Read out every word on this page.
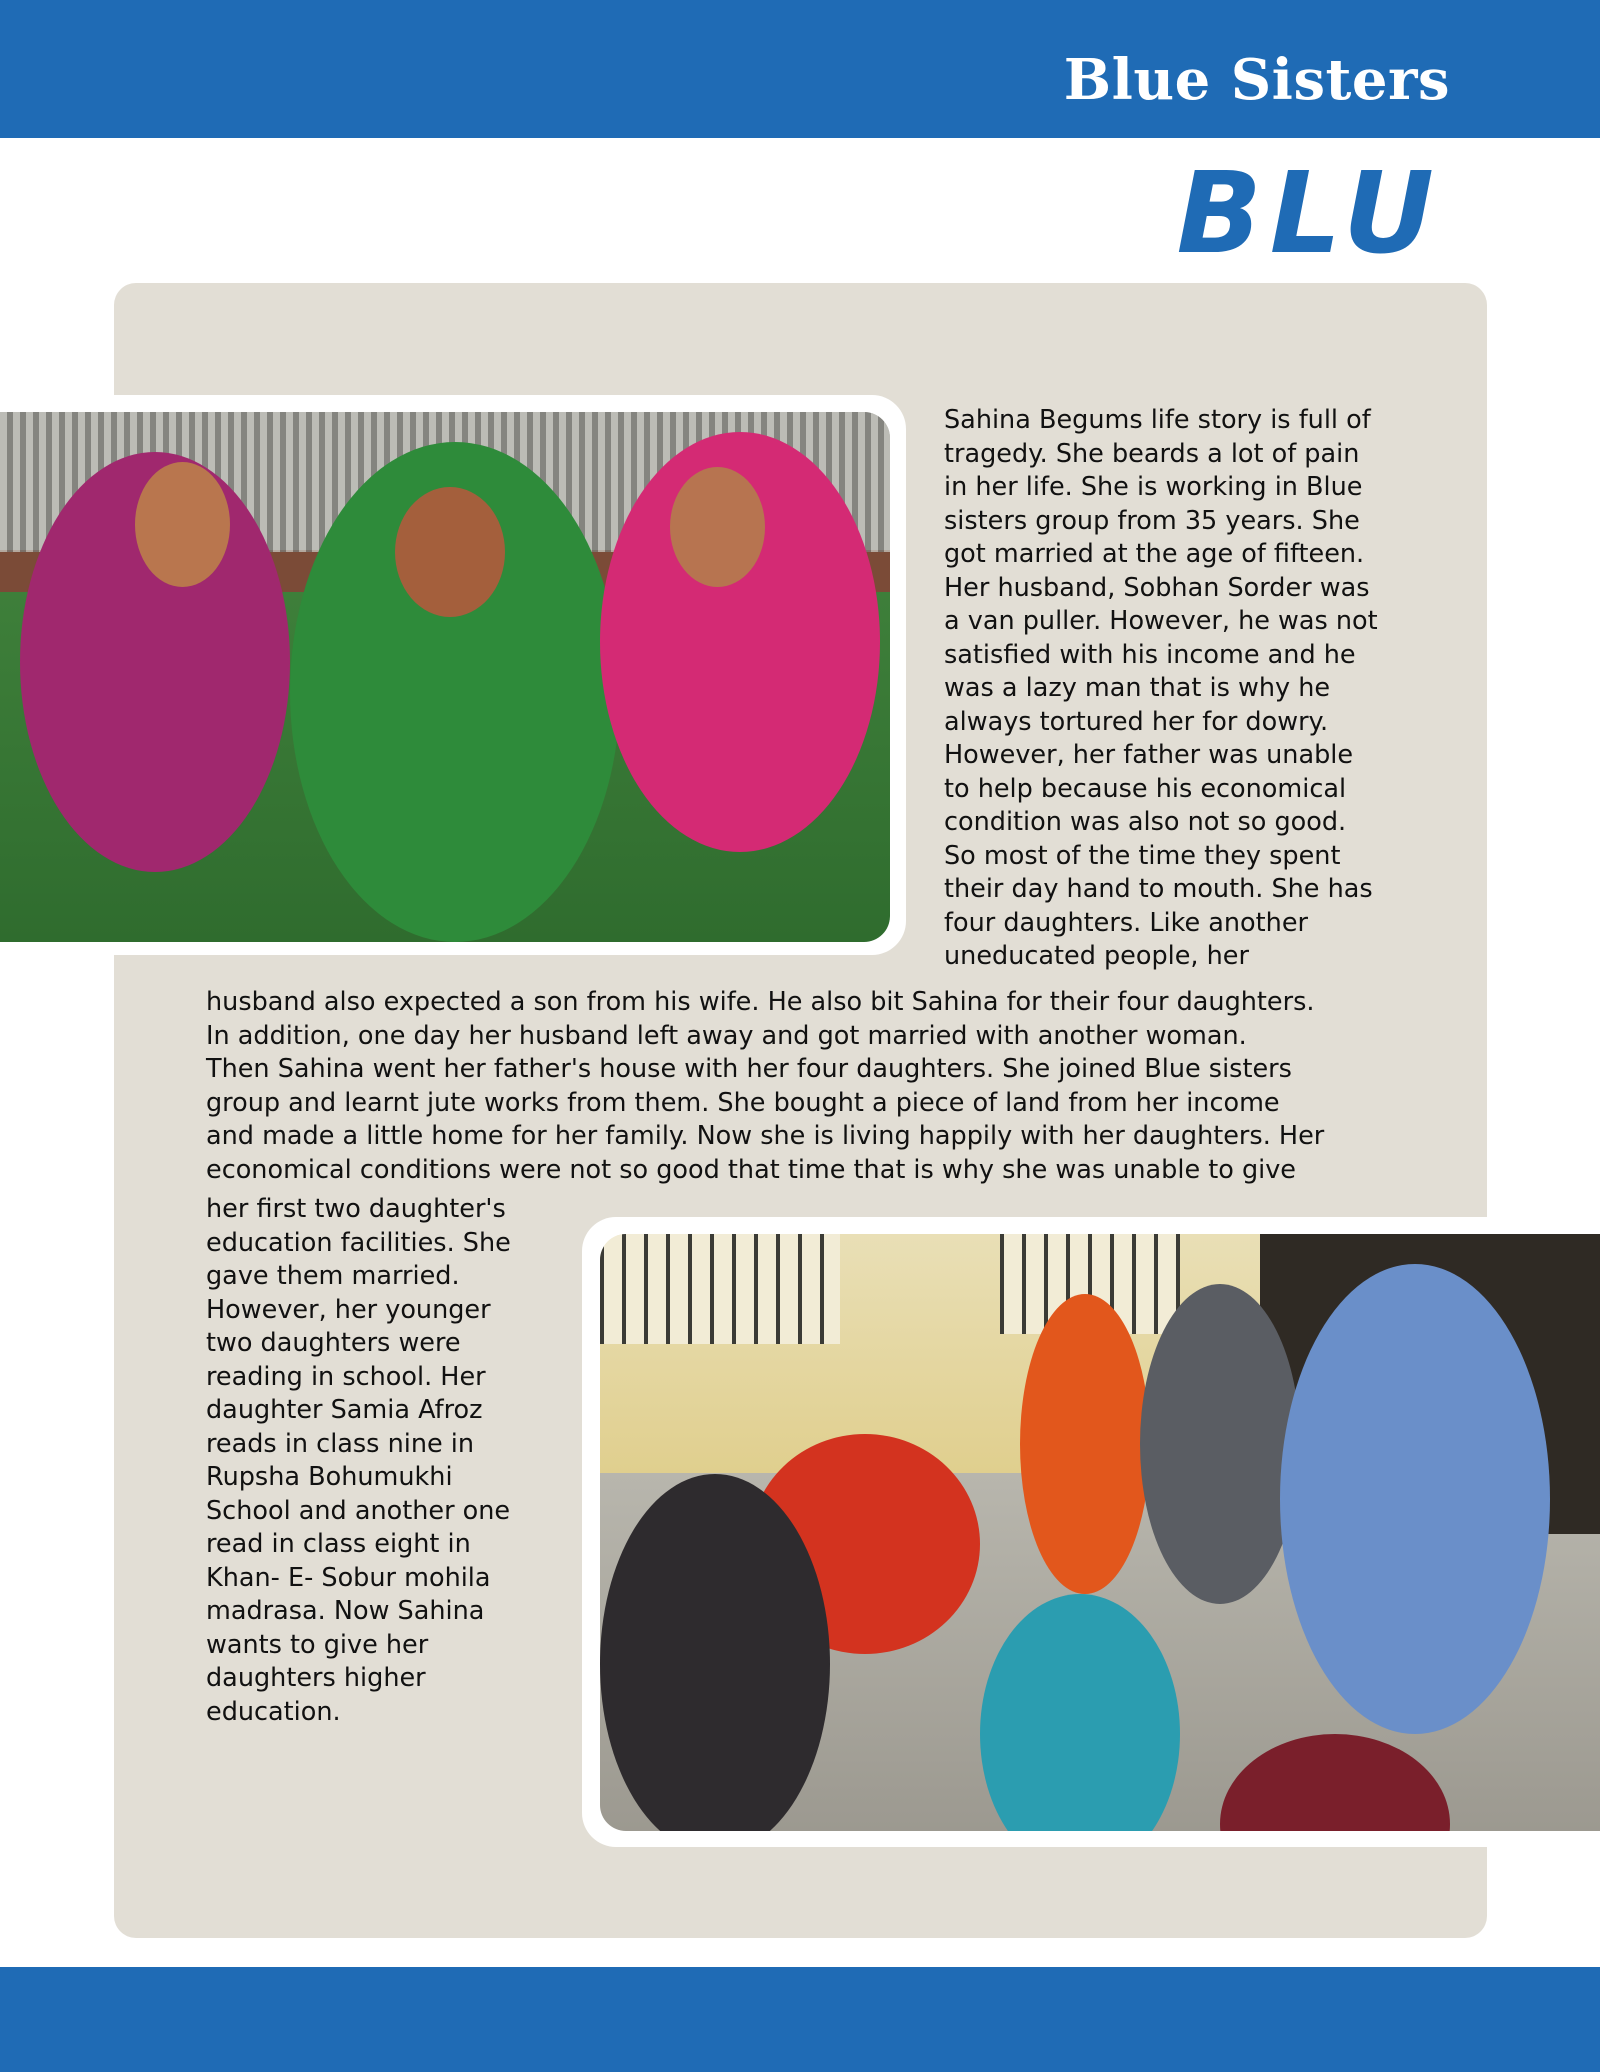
Blue Sisters
BLU

Sahina Begums life story is full of
tragedy. She beards a lot of pain
in her life. She is working in Blue
sisters group from 35 years. She
got married at the age of fifteen.
Her husband, Sobhan Sorder was
a van puller. However, he was not
satisfied with his income and he
was a lazy man that is why he
always tortured her for dowry.
However, her father was unable
to help because his economical
condition was also not so good.
So most of the time they spent
their day hand to mouth. She has
four daughters. Like another
uneducated people, her

husband also expected a son from his wife. He also bit Sahina for their four daughters.
In addition, one day her husband left away and got married with another woman.
Then Sahina went her father's house with her four daughters. She joined Blue sisters
group and learnt jute works from them. She bought a piece of land from her income
and made a little home for her family. Now she is living happily with her daughters. Her
economical conditions were not so good that time that is why she was unable to give

her first two daughter's
education facilities. She
gave them married.
However, her younger
two daughters were
reading in school. Her
daughter Samia Afroz
reads in class nine in
Rupsha Bohumukhi
School and another one
read in class eight in
Khan- E- Sobur mohila
madrasa. Now Sahina
wants to give her
daughters higher
education.
